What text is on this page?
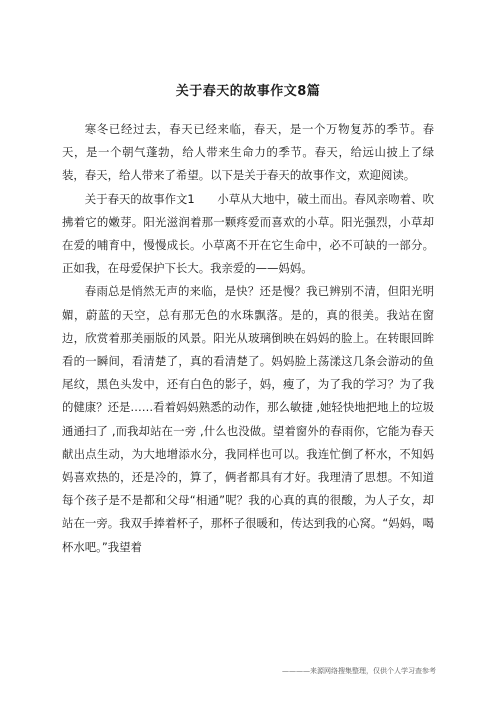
关于春天的故事作文8篇

寒冬已经过去，春天已经来临，春天，是一个万物复苏的季节。春天，是一个朝气蓬勃，给人带来生命力的季节。春天，给远山披上了绿装，春天，给人带来了希望。以下是关于春天的故事作文，欢迎阅读。

关于春天的故事作文1　　小草从大地中，破土而出。春风亲吻着、吹拂着它的嫩芽。阳光滋润着那一颗疼爱而喜欢的小草。阳光强烈，小草却在爱的哺育中，慢慢成长。小草离不开在它生命中，必不可缺的一部分。正如我，在母爱保护下长大。我亲爱的——妈妈。

春雨总是悄然无声的来临，是快？还是慢？我已辨别不清，但阳光明媚，蔚蓝的天空，总有那无色的水珠飘落。是的，真的很美。我站在窗边，欣赏着那美丽版的风景。阳光从玻璃倒映在妈妈的脸上。在转眼回眸看的一瞬间，看清楚了，真的看清楚了。妈妈脸上荡漾这几条会游动的鱼尾纹，黑色头发中，还有白色的影子，妈，瘦了，为了我的学习？为了我的健康？还是……看着妈妈熟悉的动作，那么敏捷 ,她轻快地把地上的垃圾通通扫了 ,而我却站在一旁 ,什么也没做。望着窗外的春雨你，它能为春天献出点生动，为大地增添水分，我同样也可以。我连忙倒了杯水，不知妈妈喜欢热的，还是冷的，算了，俩者都具有才好。我理清了思想。不知道每个孩子是不是都和父母“相通”呢？我的心真的真的很酸，为人子女，却站在一旁。我双手捧着杯子，那杯子很暖和，传达到我的心窝。“妈妈，喝杯水吧。”我望着

————来源网络搜集整理，仅供个人学习查参考
